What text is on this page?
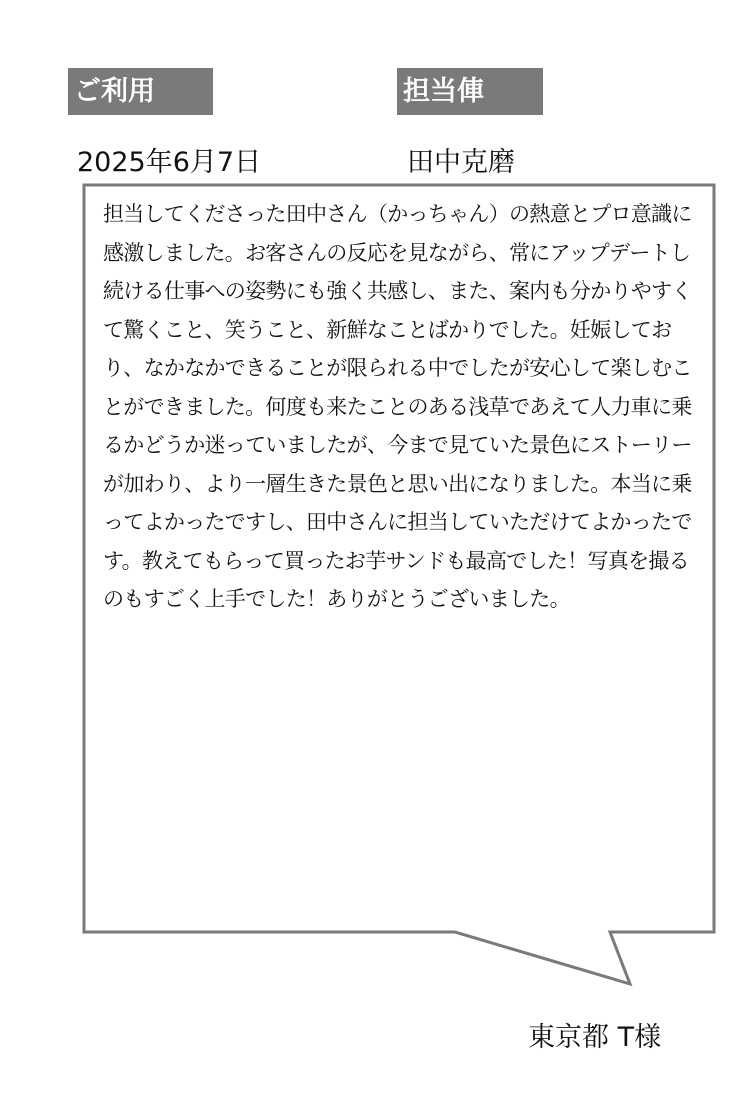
ご利用	担当俥
2025年6月7日	田中克磨

担当してくださった田中さん（かっちゃん）の熱意とプロ意識に感激しました。お客さんの反応を見ながら、常にアップデートし続ける仕事への姿勢にも強く共感し、また、案内も分かりやすくて驚くこと、笑うこと、新鮮なことばかりでした。妊娠しており、なかなかできることが限られる中でしたが安心して楽しむことができました。何度も来たことのある浅草であえて人力車に乗るかどうか迷っていましたが、今まで見ていた景色にストーリーが加わり、より一層生きた景色と思い出になりました。本当に乗ってよかったですし、田中さんに担当していただけてよかったです。教えてもらって買ったお芋サンドも最高でした！写真を撮るのもすごく上手でした！ありがとうございました。

東京都 T様
